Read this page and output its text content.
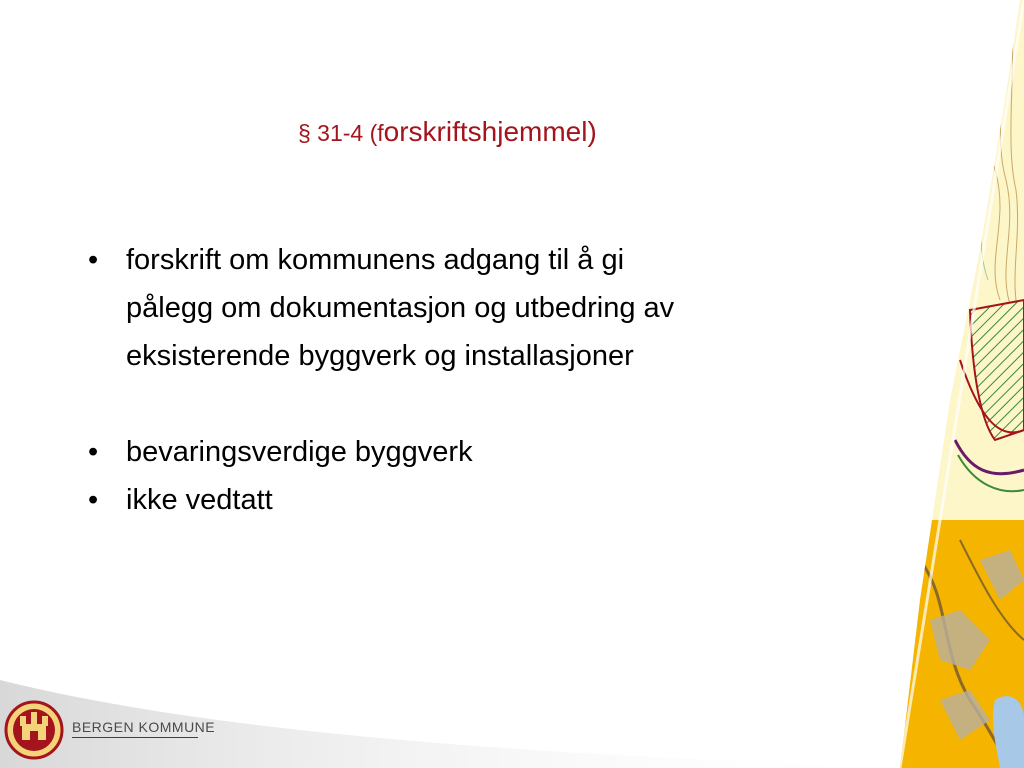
§ 31-4 (forskriftshjemmel)
• forskrift om kommunens adgang til å gi
pålegg om dokumentasjon og utbedring av
eksisterende byggverk og installasjoner
• bevaringsverdige byggverk
• ikke vedtatt
BERGEN KOMMUNE
